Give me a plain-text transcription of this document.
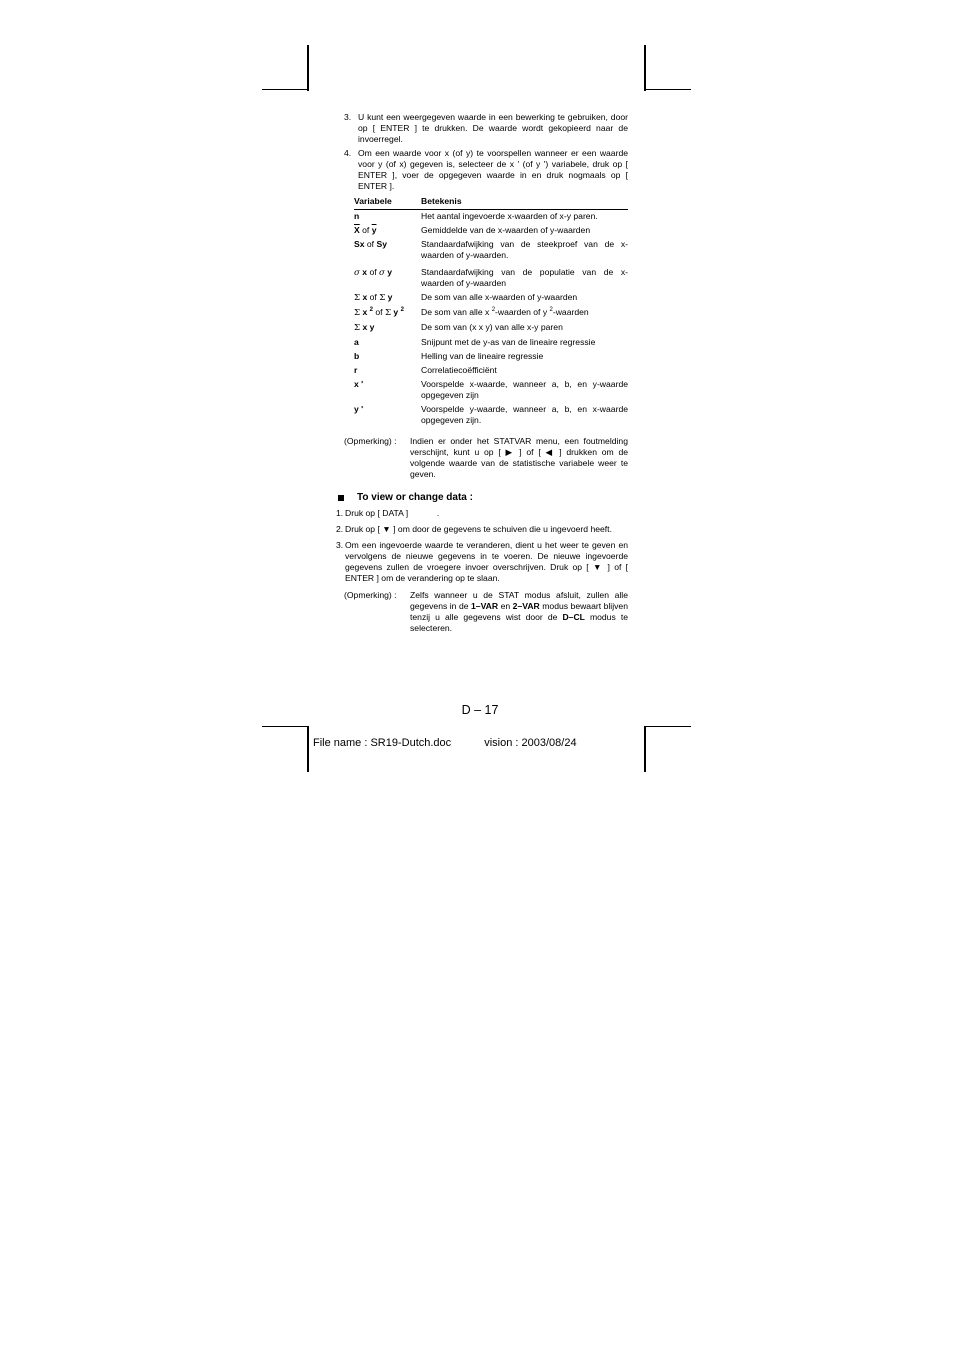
3. U kunt een weergegeven waarde in een bewerking te gebruiken, door op [ ENTER ] te drukken. De waarde wordt gekopieerd naar de invoerregel.
4. Om een waarde voor x (of y) te voorspellen wanneer er een waarde voor y (of x) gegeven is, selecteer de x ' (of y ') variabele, druk op [ ENTER ], voer de opgegeven waarde in en druk nogmaals op [ ENTER ].
Variabele	Betekenis
n	Het aantal ingevoerde x-waarden of x-y paren.
$\overline{X}$ of $\overline{y}$	Gemiddelde van de x-waarden of y-waarden
Sx of Sy	Standaardafwijking van de steekproef van de x-waarden of y-waarden.
σ x of σ y	Standaardafwijking van de populatie van de x-waarden of y-waarden
Σ x of Σ y	De som van alle x-waarden of y-waarden
Σ x $^2$ of Σ y $^2$	De som van alle x $^2$-waarden of y $^2$-waarden
Σ x y	De som van (x x y) van alle x-y paren
a	Snijpunt met de y-as van de lineaire regressie
b	Helling van de lineaire regressie
r	Correlatiecoëfficiënt
x '	Voorspelde x-waarde, wanneer a, b, en y-waarde opgegeven zijn
y '	Voorspelde y-waarde, wanneer a, b, en x-waarde opgegeven zijn.
(Opmerking) :	Indien er onder het STATVAR menu, een foutmelding verschijnt, kunt u op [ ▶ ] of [ ◀ ] drukken om de volgende waarde van de statistische variabele weer te geven.
To view or change data :
1. Druk op [ DATA ]            .
2. Druk op [ ▼ ] om door de gegevens te schuiven die u ingevoerd heeft.
3. Om een ingevoerde waarde te veranderen, dient u het weer te geven en vervolgens de nieuwe gegevens in te voeren. De nieuwe ingevoerde gegevens zullen de vroegere invoer overschrijven. Druk op [ ▼ ] of [ ENTER ] om de verandering op te slaan.
(Opmerking) :	Zelfs wanneer u de STAT modus afsluit, zullen alle gegevens in de 1–VAR en 2–VAR modus bewaart blijven tenzij u alle gegevens wist door de D–CL modus te selecteren.
D – 17
File name : SR19-Dutch.doc	vision : 2003/08/24
